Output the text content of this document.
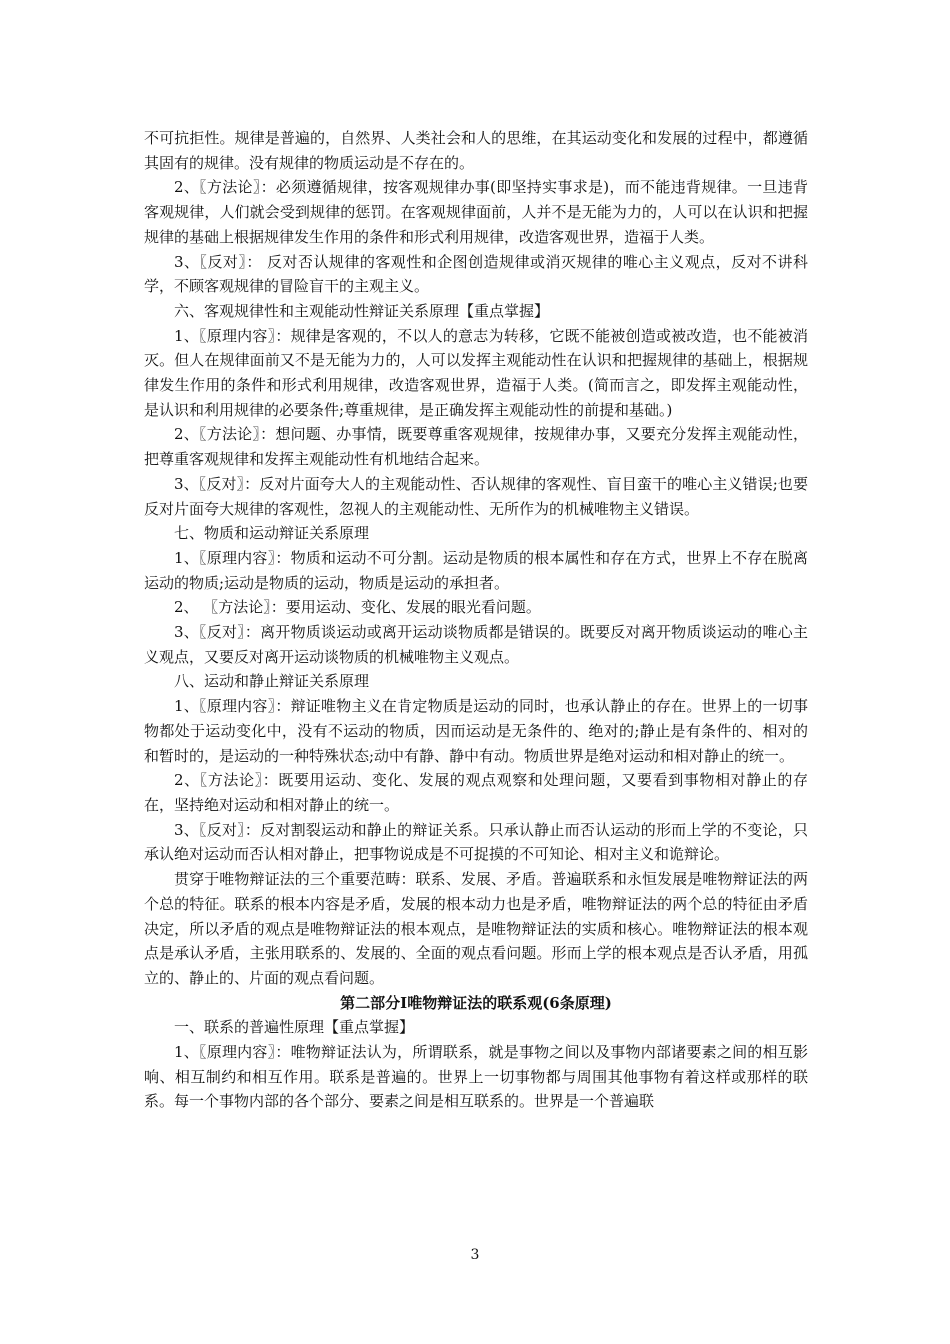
不可抗拒性。规律是普遍的，自然界、人类社会和人的思维，在其运动变化和发展的过程中，都遵循其固有的规律。没有规律的物质运动是不存在的。

2、〖方法论〗：必须遵循规律，按客观规律办事(即坚持实事求是)，而不能违背规律。一旦违背客观规律，人们就会受到规律的惩罚。在客观规律面前，人并不是无能为力的，人可以在认识和把握规律的基础上根据规律发生作用的条件和形式利用规律，改造客观世界，造福于人类。

3、〖反对〗： 反对否认规律的客观性和企图创造规律或消灭规律的唯心主义观点，反对不讲科学，不顾客观规律的冒险盲干的主观主义。

六、客观规律性和主观能动性辩证关系原理【重点掌握】

1、〖原理内容〗：规律是客观的，不以人的意志为转移，它既不能被创造或被改造，也不能被消灭。但人在规律面前又不是无能为力的，人可以发挥主观能动性在认识和把握规律的基础上，根据规律发生作用的条件和形式利用规律，改造客观世界，造福于人类。(简而言之，即发挥主观能动性，是认识和利用规律的必要条件;尊重规律，是正确发挥主观能动性的前提和基础。)

2、〖方法论〗：想问题、办事情，既要尊重客观规律，按规律办事，又要充分发挥主观能动性，把尊重客观规律和发挥主观能动性有机地结合起来。

3、〖反对〗：反对片面夸大人的主观能动性、否认规律的客观性、盲目蛮干的唯心主义错误;也要反对片面夸大规律的客观性，忽视人的主观能动性、无所作为的机械唯物主义错误。

七、物质和运动辩证关系原理

1、〖原理内容〗：物质和运动不可分割。运动是物质的根本属性和存在方式，世界上不存在脱离运动的物质;运动是物质的运动，物质是运动的承担者。

2、 〖方法论〗：要用运动、变化、发展的眼光看问题。

3、〖反对〗：离开物质谈运动或离开运动谈物质都是错误的。既要反对离开物质谈运动的唯心主义观点，又要反对离开运动谈物质的机械唯物主义观点。

八、运动和静止辩证关系原理

1、〖原理内容〗：辩证唯物主义在肯定物质是运动的同时，也承认静止的存在。世界上的一切事物都处于运动变化中，没有不运动的物质，因而运动是无条件的、绝对的;静止是有条件的、相对的和暂时的，是运动的一种特殊状态;动中有静、静中有动。物质世界是绝对运动和相对静止的统一。

2、〖方法论〗：既要用运动、变化、发展的观点观察和处理问题，又要看到事物相对静止的存在，坚持绝对运动和相对静止的统一。

3、〖反对〗：反对割裂运动和静止的辩证关系。只承认静止而否认运动的形而上学的不变论，只承认绝对运动而否认相对静止，把事物说成是不可捉摸的不可知论、相对主义和诡辩论。

贯穿于唯物辩证法的三个重要范畴：联系、发展、矛盾。普遍联系和永恒发展是唯物辩证法的两个总的特征。联系的根本内容是矛盾，发展的根本动力也是矛盾，唯物辩证法的两个总的特征由矛盾决定，所以矛盾的观点是唯物辩证法的根本观点，是唯物辩证法的实质和核心。唯物辩证法的根本观点是承认矛盾，主张用联系的、发展的、全面的观点看问题。形而上学的根本观点是否认矛盾，用孤立的、静止的、片面的观点看问题。

第二部分Ⅰ唯物辩证法的联系观(6条原理)

一、联系的普遍性原理【重点掌握】

1、〖原理内容〗：唯物辩证法认为，所谓联系，就是事物之间以及事物内部诸要素之间的相互影响、相互制约和相互作用。联系是普遍的。世界上一切事物都与周围其他事物有着这样或那样的联系。每一个事物内部的各个部分、要素之间是相互联系的。世界是一个普遍联

3
